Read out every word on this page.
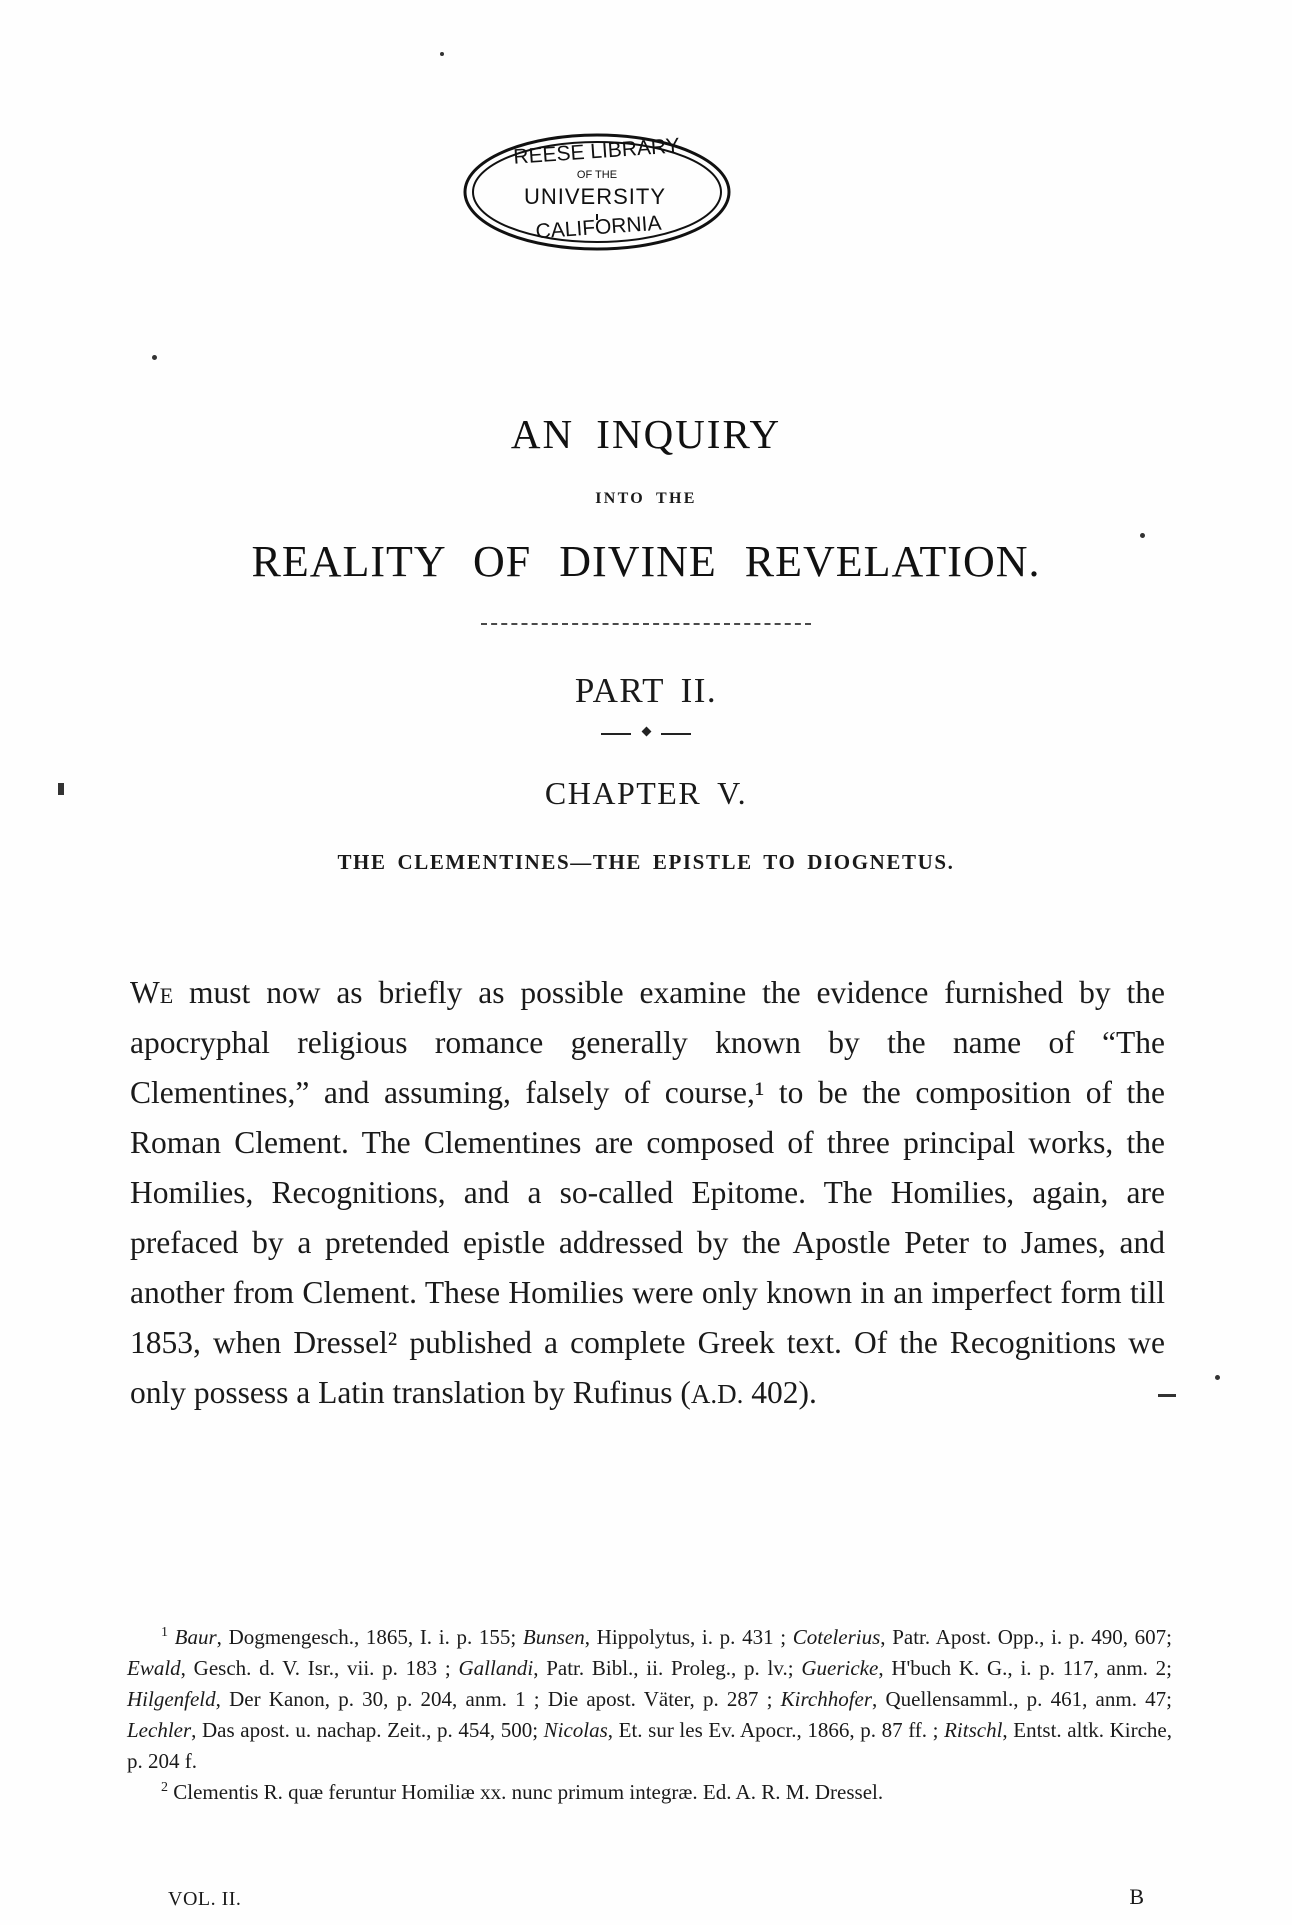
REESE LIBRARY
OF THE
UNIVERSITY
CALIFORNIA
AN INQUIRY
INTO THE
REALITY OF DIVINE REVELATION.
PART II.
CHAPTER V.
THE CLEMENTINES—THE EPISTLE TO DIOGNETUS.

We must now as briefly as possible examine the evidence furnished by the apocryphal religious romance generally known by the name of “The Clementines,” and assuming, falsely of course,¹ to be the composition of the Roman Clement. The Clementines are composed of three principal works, the Homilies, Recognitions, and a so-called Epitome. The Homilies, again, are prefaced by a pretended epistle addressed by the Apostle Peter to James, and another from Clement. These Homilies were only known in an imperfect form till 1853, when Dressel² published a complete Greek text. Of the Recognitions we only possess a Latin translation by Rufinus (A.D. 402).

$^1$ Baur, Dogmengesch., 1865, I. i. p. 155; Bunsen, Hippolytus, i. p. 431 ; Cotelerius, Patr. Apost. Opp., i. p. 490, 607; Ewald, Gesch. d. V. Isr., vii. p. 183 ; Gallandi, Patr. Bibl., ii. Proleg., p. lv.; Guericke, H'buch K. G., i. p. 117, anm. 2; Hilgenfeld, Der Kanon, p. 30, p. 204, anm. 1 ; Die apost. Väter, p. 287 ; Kirchhofer, Quellensamml., p. 461, anm. 47; Lechler, Das apost. u. nachap. Zeit., p. 454, 500; Nicolas, Et. sur les Ev. Apocr., 1866, p. 87 ff. ; Ritschl, Entst. altk. Kirche, p. 204 f.

$^2$ Clementis R. quæ feruntur Homiliæ xx. nunc primum integræ. Ed. A. R. M. Dressel.

VOL. II.	B
